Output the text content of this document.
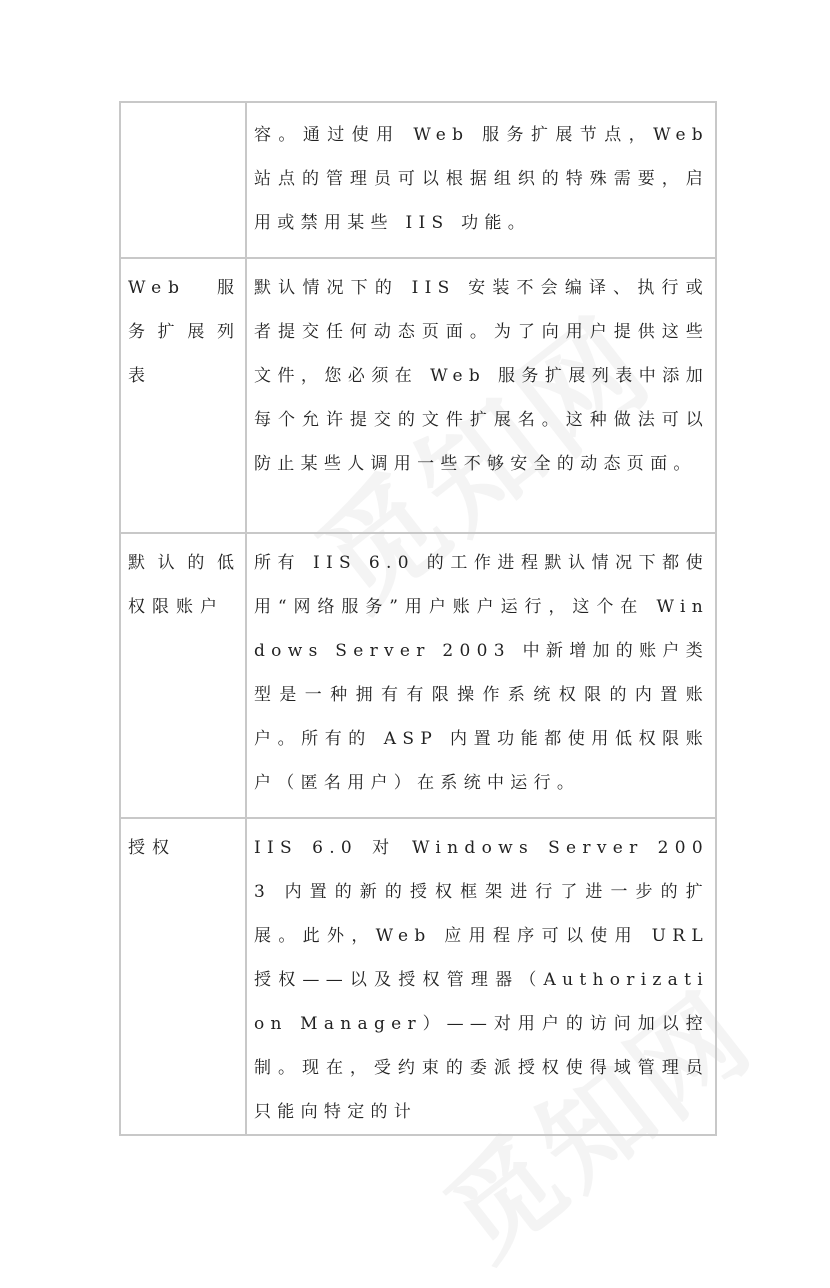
	容。通过使用 Web 服务扩展节点，Web 站点的管理员可以根据组织的特殊需要，启用或禁用某些 IIS 功能。

Web 服务扩展列表	默认情况下的 IIS 安装不会编译、执行或者提交任何动态页面。为了向用户提供这些文件，您必须在 Web 服务扩展列表中添加每个允许提交的文件扩展名。这种做法可以防止某些人调用一些不够安全的动态页面。

默认的低权限账户	所有 IIS 6.0 的工作进程默认情况下都使用“网络服务”用户账户运行，这个在 Windows Server 2003 中新增加的账户类型是一种拥有有限操作系统权限的内置账户。所有的 ASP 内置功能都使用低权限账户（匿名用户）在系统中运行。

授权	IIS 6.0 对 Windows Server 2003 内置的新的授权框架进行了进一步的扩展。此外，Web 应用程序可以使用 URL 授权——以及授权管理器（Authorization Manager）——对用户的访问加以控制。现在，受约束的委派授权使得域管理员只能向特定的计
